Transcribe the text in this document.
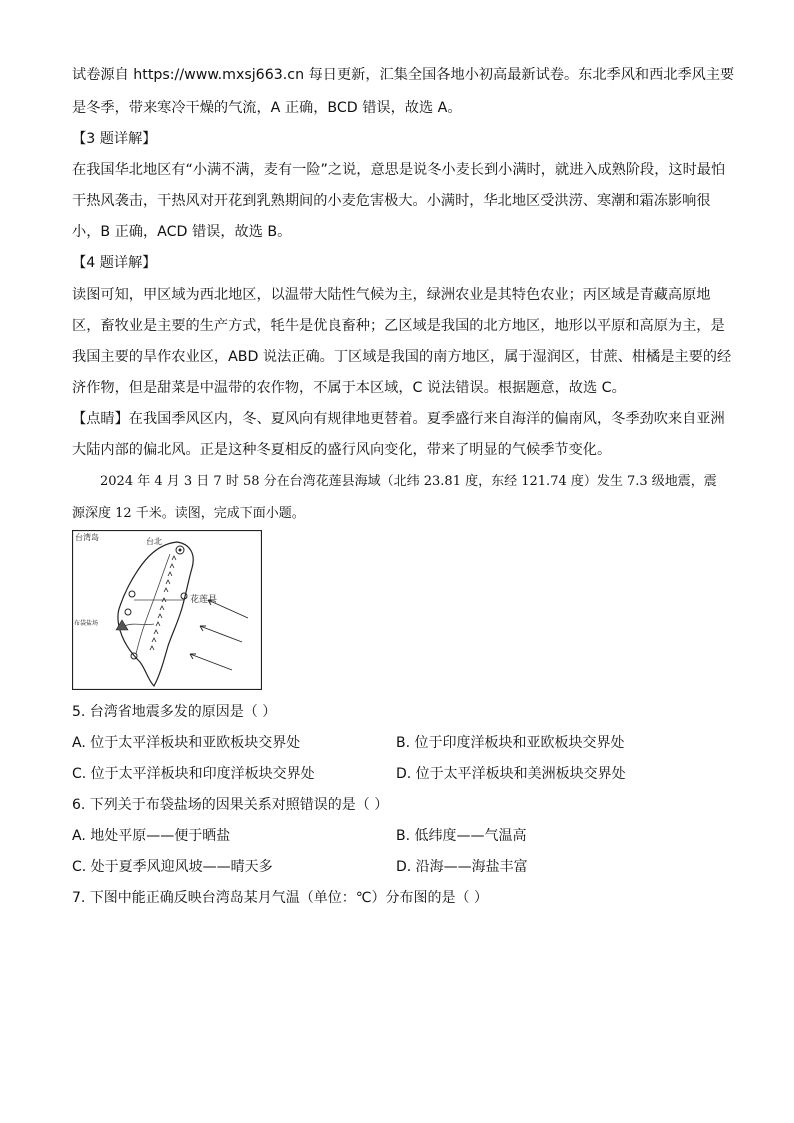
试卷源自 https://www.mxsj663.cn 每日更新，汇集全国各地小初高最新试卷。东北季风和西北季风主要
是冬季，带来寒冷干燥的气流，A 正确，BCD 错误，故选 A。
【3 题详解】
在我国华北地区有“小满不满，麦有一险”之说，意思是说冬小麦长到小满时，就进入成熟阶段，这时最怕
干热风袭击，干热风对开花到乳熟期间的小麦危害极大。小满时，华北地区受洪涝、寒潮和霜冻影响很
小，B 正确，ACD 错误，故选 B。
【4 题详解】
读图可知，甲区域为西北地区，以温带大陆性气候为主，绿洲农业是其特色农业；丙区域是青藏高原地
区，畜牧业是主要的生产方式，牦牛是优良畜种；乙区域是我国的北方地区，地形以平原和高原为主，是
我国主要的旱作农业区，ABD 说法正确。丁区域是我国的南方地区，属于湿润区，甘蔗、柑橘是主要的经
济作物，但是甜菜是中温带的农作物，不属于本区域，C 说法错误。根据题意，故选 C。
【点睛】在我国季风区内，冬、夏风向有规律地更替着。夏季盛行来自海洋的偏南风，冬季劲吹来自亚洲
大陆内部的偏北风。正是这种冬夏相反的盛行风向变化，带来了明显的气候季节变化。
2024 年 4 月 3 日 7 时 58 分在台湾花莲县海域（北纬 23.81 度，东经 121.74 度）发生 7.3 级地震，震
源深度 12 千米。读图，完成下面小题。
台湾岛	台北
花莲县
布袋盐场
5. 台湾省地震多发的原因是（ ）
A. 位于太平洋板块和亚欧板块交界处	B. 位于印度洋板块和亚欧板块交界处
C. 位于太平洋板块和印度洋板块交界处	D. 位于太平洋板块和美洲板块交界处
6. 下列关于布袋盐场的因果关系对照错误的是（ ）
A. 地处平原——便于晒盐	B. 低纬度——气温高
C. 处于夏季风迎风坡——晴天多	D. 沿海——海盐丰富
7. 下图中能正确反映台湾岛某月气温（单位：℃）分布图的是（ ）
